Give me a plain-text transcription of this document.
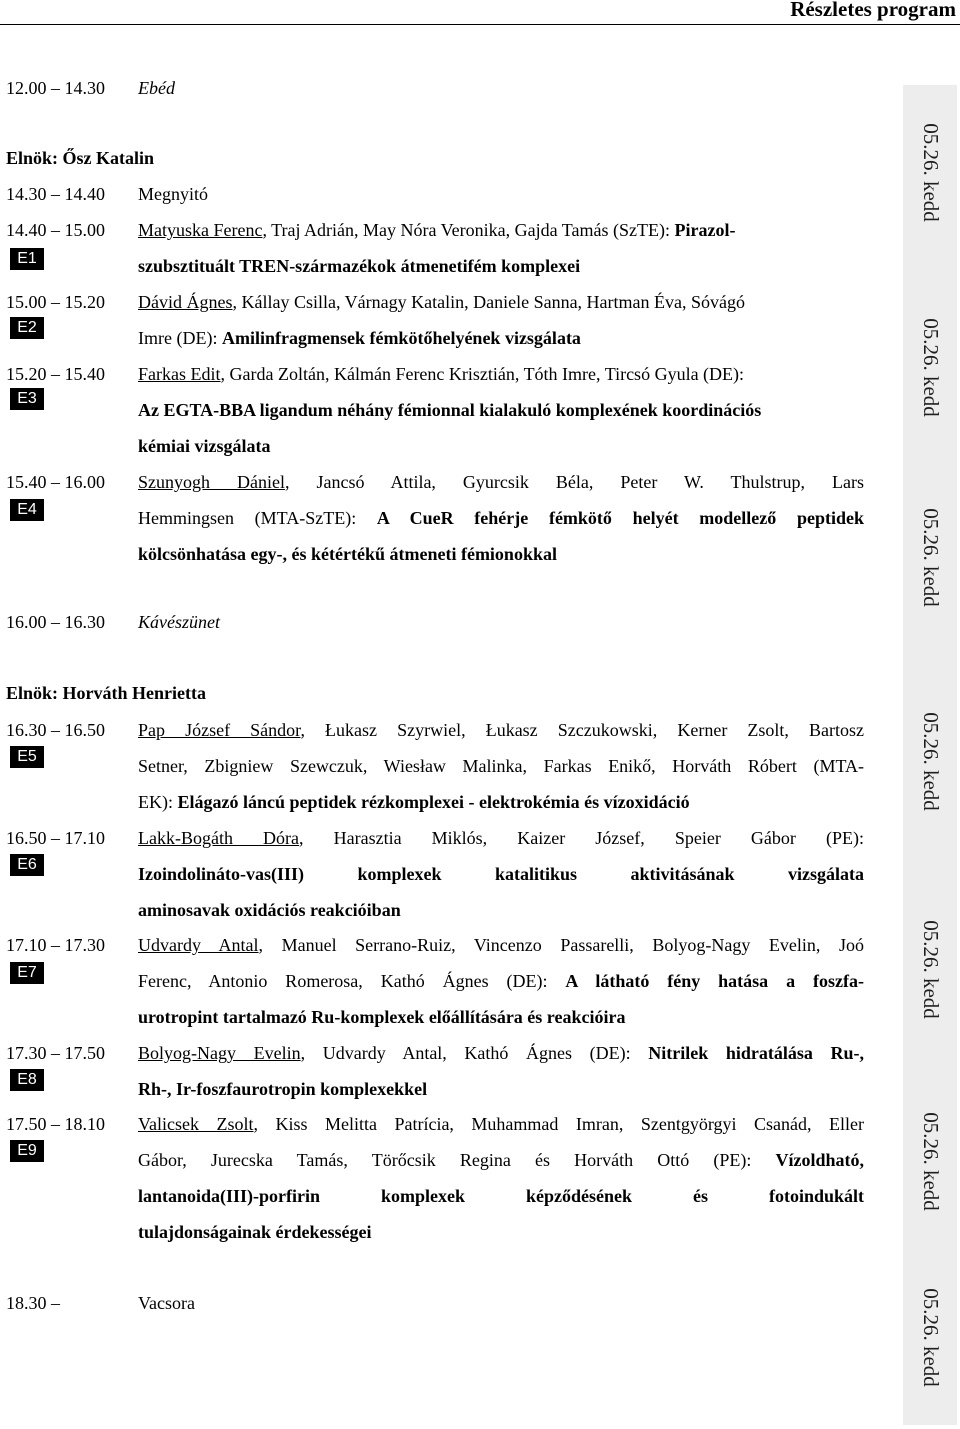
Részletes program
05.26. kedd
05.26. kedd
05.26. kedd
05.26. kedd
05.26. kedd
05.26. kedd
05.26. kedd
12.00 – 14.30	Ebéd
Elnök: Ősz Katalin
14.30 – 14.40	Megnyitó
14.40 – 15.00	Matyuska Ferenc, Traj Adrián, May Nóra Veronika, Gajda Tamás (SzTE): Pirazol-
szubsztituált TREN-származékok átmenetifém komplexei
E1
15.00 – 15.20	Dávid Ágnes, Kállay Csilla, Várnagy Katalin, Daniele Sanna, Hartman Éva, Sóvágó
Imre (DE): Amilinfragmensek fémkötőhelyének vizsgálata
E2
15.20 – 15.40	Farkas Edit, Garda Zoltán, Kálmán Ferenc Krisztián, Tóth Imre, Tircsó Gyula (DE):
Az EGTA-BBA ligandum néhány fémionnal kialakuló komplexének koordinációs
kémiai vizsgálata
E3
15.40 – 16.00	Szunyogh Dániel, Jancsó Attila, Gyurcsik Béla, Peter W. Thulstrup, Lars
Hemmingsen (MTA-SzTE): A CueR fehérje fémkötő helyét modellező peptidek
kölcsönhatása egy-, és kétértékű átmeneti fémionokkal
E4
16.00 – 16.30	Kávészünet
Elnök: Horváth Henrietta
16.30 – 16.50	Pap József Sándor, Łukasz Szyrwiel, Łukasz Szczukowski, Kerner Zsolt, Bartosz
Setner, Zbigniew Szewczuk, Wiesław Malinka, Farkas Enikő, Horváth Róbert (MTA-
EK): Elágazó láncú peptidek rézkomplexei - elektrokémia és vízoxidáció
E5
16.50 – 17.10	Lakk-Bogáth Dóra, Harasztia Miklós, Kaizer József, Speier Gábor (PE):
Izoindolináto-vas(III) komplexek katalitikus aktivitásának vizsgálata
aminosavak oxidációs reakcióiban
E6
17.10 – 17.30	Udvardy Antal, Manuel Serrano-Ruiz, Vincenzo Passarelli, Bolyog-Nagy Evelin, Joó
Ferenc, Antonio Romerosa, Kathó Ágnes (DE): A látható fény hatása a foszfa-
urotropint tartalmazó Ru-komplexek előállítására és reakcióira
E7
17.30 – 17.50	Bolyog-Nagy Evelin, Udvardy Antal, Kathó Ágnes (DE): Nitrilek hidratálása Ru-,
Rh-, Ir-foszfaurotropin komplexekkel
E8
17.50 – 18.10	Valicsek Zsolt, Kiss Melitta Patrícia, Muhammad Imran, Szentgyörgyi Csanád, Eller
Gábor, Jurecska Tamás, Törőcsik Regina és Horváth Ottó (PE): Vízoldható,
lantanoida(III)-porfirin komplexek képződésének és fotoindukált
tulajdonságainak érdekességei
E9
18.30 –	Vacsora
